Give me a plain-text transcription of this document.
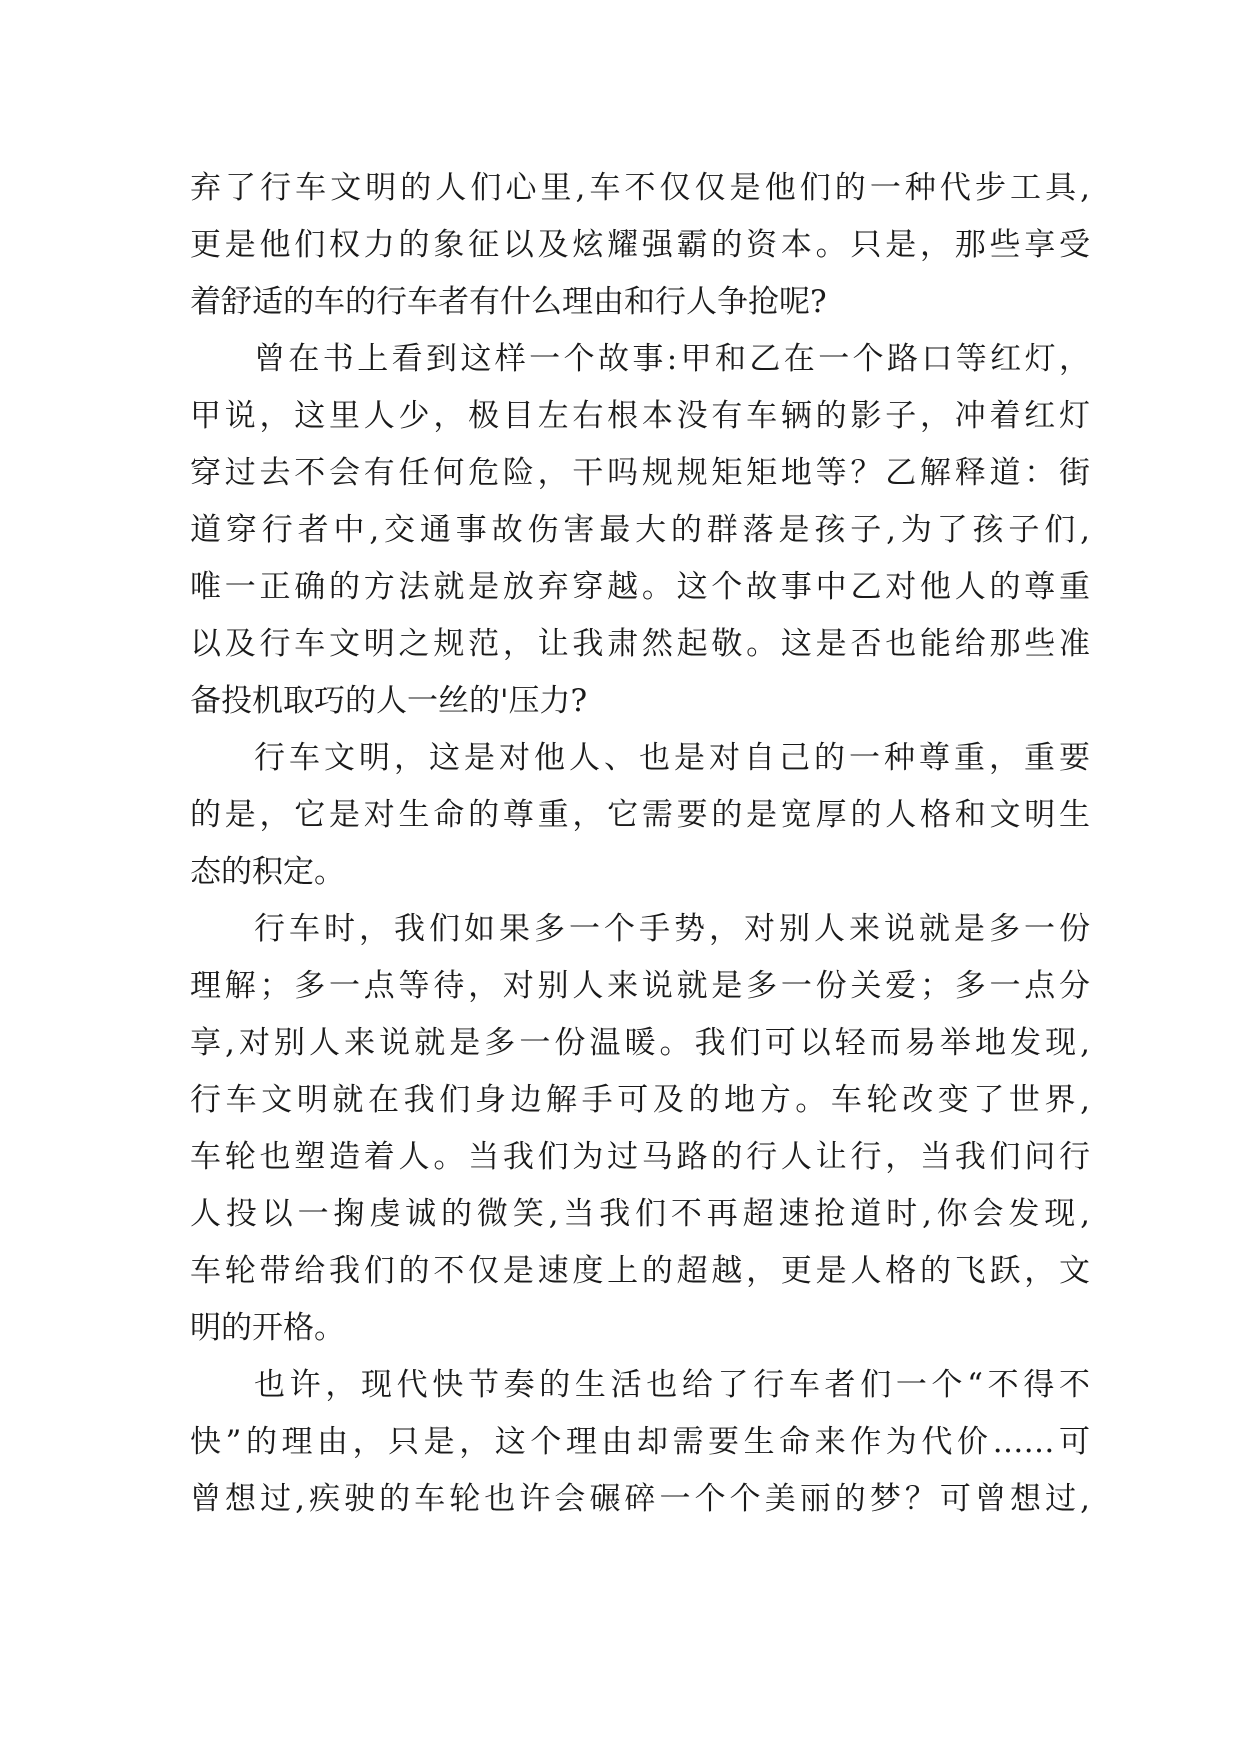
弃了行车文明的人们心里,车不仅仅是他们的一种代步工具,
更是他们权力的象征以及炫耀强霸的资本。只是，那些享受
着舒适的车的行车者有什么理由和行人争抢呢?
曾在书上看到这样一个故事:甲和乙在一个路口等红灯，
甲说，这里人少，极目左右根本没有车辆的影子，冲着红灯
穿过去不会有任何危险，干吗规规矩矩地等？乙解释道：街
道穿行者中,交通事故伤害最大的群落是孩子,为了孩子们,
唯一正确的方法就是放弃穿越。这个故事中乙对他人的尊重
以及行车文明之规范，让我肃然起敬。这是否也能给那些准
备投机取巧的人一丝的'压力?
行车文明，这是对他人、也是对自己的一种尊重，重要
的是，它是对生命的尊重，它需要的是宽厚的人格和文明生
态的积定。
行车时，我们如果多一个手势，对别人来说就是多一份
理解；多一点等待，对别人来说就是多一份关爱；多一点分
享,对别人来说就是多一份温暖。我们可以轻而易举地发现,
行车文明就在我们身边解手可及的地方。车轮改变了世界,
车轮也塑造着人。当我们为过马路的行人让行，当我们问行
人投以一掬虔诚的微笑,当我们不再超速抢道时,你会发现,
车轮带给我们的不仅是速度上的超越，更是人格的飞跃，文
明的开格。
也许，现代快节奏的生活也给了行车者们一个“不得不
快”的理由，只是，这个理由却需要生命来作为代价……可
曾想过,疾驶的车轮也许会碾碎一个个美丽的梦？可曾想过,
